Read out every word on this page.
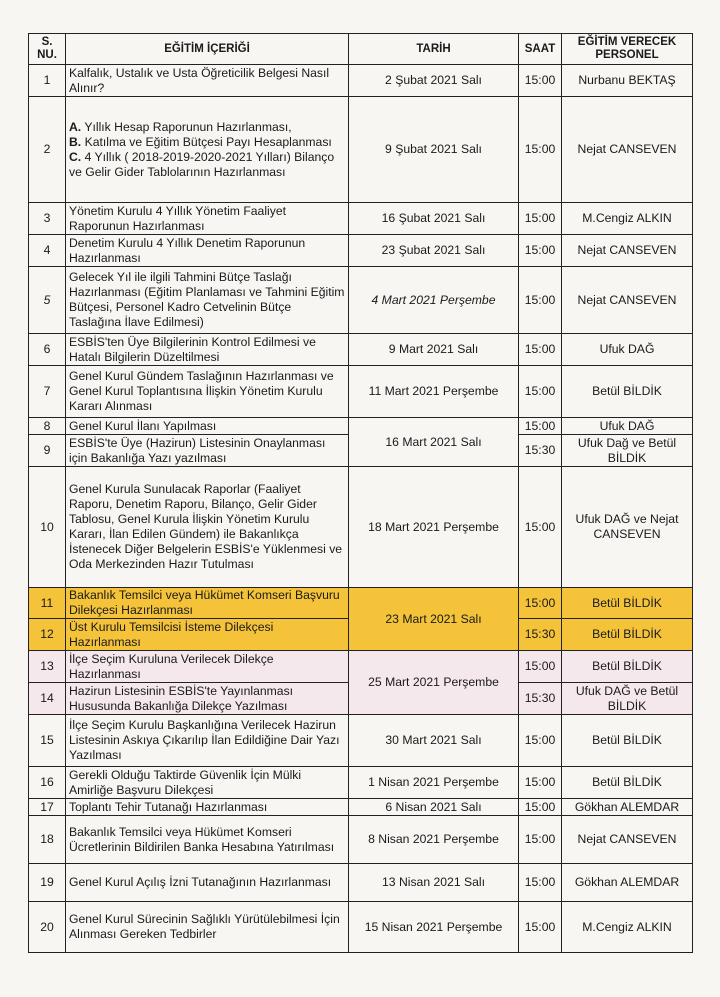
S. NU.	EĞİTİM İÇERİĞİ	TARİH	SAAT	EĞİTİM VERECEK PERSONEL
1	Kalfalık, Ustalık ve Usta Öğreticilik Belgesi Nasıl Alınır?	2 Şubat 2021 Salı	15:00	Nurbanu BEKTAŞ
2	A. Yıllık Hesap Raporunun Hazırlanması,
B. Katılma ve Eğitim Bütçesi Payı Hesaplanması
C. 4 Yıllık ( 2018-2019-2020-2021 Yılları) Bilanço ve Gelir Gider Tablolarının Hazırlanması	9 Şubat 2021 Salı	15:00	Nejat CANSEVEN
3	Yönetim Kurulu 4 Yıllık Yönetim Faaliyet Raporunun Hazırlanması	16 Şubat 2021 Salı	15:00	M.Cengiz ALKIN
4	Denetim Kurulu 4 Yıllık Denetim Raporunun Hazırlanması	23 Şubat 2021 Salı	15:00	Nejat CANSEVEN
5	Gelecek Yıl ile ilgili Tahmini Bütçe Taslağı Hazırlanması (Eğitim Planlaması ve Tahmini Eğitim Bütçesi, Personel Kadro Cetvelinin Bütçe Taslağına İlave Edilmesi)	4 Mart 2021 Perşembe	15:00	Nejat CANSEVEN
6	ESBİS'ten Üye Bilgilerinin Kontrol Edilmesi ve Hatalı Bilgilerin Düzeltilmesi	9 Mart 2021 Salı	15:00	Ufuk DAĞ
7	Genel Kurul Gündem Taslağının Hazırlanması ve Genel Kurul Toplantısına İlişkin Yönetim Kurulu Kararı Alınması	11 Mart 2021 Perşembe	15:00	Betül BİLDİK
8	Genel Kurul İlanı Yapılması	16 Mart 2021 Salı	15:00	Ufuk DAĞ
9	ESBİS'te Üye (Hazirun) Listesinin Onaylanması için Bakanlığa Yazı yazılması		15:30	Ufuk Dağ ve Betül BİLDİK
10	Genel Kurula Sunulacak Raporlar (Faaliyet Raporu, Denetim Raporu, Bilanço, Gelir Gider Tablosu, Genel Kurula İlişkin Yönetim Kurulu Kararı, İlan Edilen Gündem) ile Bakanlıkça İstenecek Diğer Belgelerin ESBİS'e Yüklenmesi ve Oda Merkezinden Hazır Tutulması	18 Mart 2021 Perşembe	15:00	Ufuk DAĞ ve Nejat CANSEVEN
11	Bakanlık Temsilci veya Hükümet Komseri Başvuru Dilekçesi Hazırlanması	23 Mart 2021 Salı	15:00	Betül BİLDİK
12	Üst Kurulu Temsilcisi İsteme Dilekçesi Hazırlanması		15:30	Betül BİLDİK
13	İlçe Seçim Kuruluna Verilecek Dilekçe Hazırlanması	25 Mart 2021 Perşembe	15:00	Betül BİLDİK
14	Hazirun Listesinin ESBİS'te Yayınlanması Hususunda Bakanlığa Dilekçe Yazılması		15:30	Ufuk DAĞ ve Betül BİLDİK
15	İlçe Seçim Kurulu Başkanlığına Verilecek Hazirun Listesinin Askıya Çıkarılıp İlan Edildiğine Dair Yazı Yazılması	30 Mart 2021 Salı	15:00	Betül BİLDİK
16	Gerekli Olduğu Taktirde Güvenlik İçin Mülki Amirliğe Başvuru Dilekçesi	1 Nisan 2021 Perşembe	15:00	Betül BİLDİK
17	Toplantı Tehir Tutanağı Hazırlanması	6 Nisan 2021 Salı	15:00	Gökhan ALEMDAR
18	Bakanlık Temsilci veya Hükümet Komseri Ücretlerinin Bildirilen Banka Hesabına Yatırılması	8 Nisan 2021 Perşembe	15:00	Nejat CANSEVEN
19	Genel Kurul Açılış İzni Tutanağının Hazırlanması	13 Nisan 2021 Salı	15:00	Gökhan ALEMDAR
20	Genel Kurul Sürecinin Sağlıklı Yürütülebilmesi İçin Alınması Gereken Tedbirler	15 Nisan 2021 Perşembe	15:00	M.Cengiz ALKIN
